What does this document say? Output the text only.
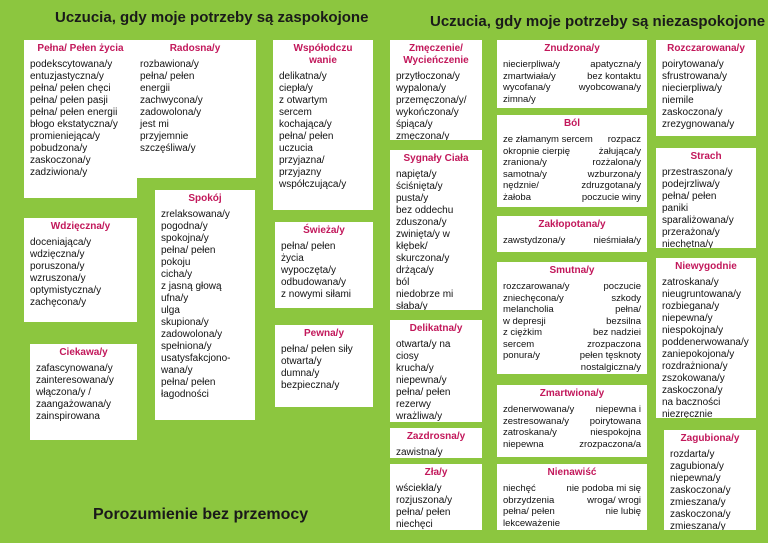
Uczucia, gdy moje potrzeby są zaspokojone	Uczucia, gdy moje potrzeby są niezaspokojone
Pełna/ Pełen życia
podekscytowana/y
entuzjastyczna/y
pełna/ pełen chęci
pełna/ pełen pasji
pełna/ pełen energii
błogo ekstatyczna/y
promieniejąca/y
pobudzona/y
zaskoczona/y
zadziwiona/y
Radosna/y
rozbawiona/y
pełna/ pełen
energii
zachwycona/y
zadowolona/y
jest mi
przyjemnie
szczęśliwa/y
Współodczu
wanie
delikatna/y
ciepła/y
z otwartym
sercem
kochająca/y
pełna/ pełen
uczucia
przyjazna/
przyjazny
współczująca/y
Spokój
zrelaksowana/y
pogodna/y
spokojna/y
pełna/ pełen
pokoju
cicha/y
z jasną głową
ufna/y
ulga
skupiona/y
zadowolona/y
spełniona/y
usatysfakcjono-
wana/y
pełna/ pełen
łagodności
Wdzięczna/y
doceniająca/y
wdzięczna/y
poruszona/y
wzruszona/y
optymistyczna/y
zachęcona/y
Świeża/y
pełna/ pełen
życia
wypoczęta/y
odbudowana/y
z nowymi siłami
Ciekawa/y
zafascynowana/y
zainteresowana/y
włączona/y /
zaangażowana/y
zainspirowana
Pewna/y
pełna/ pełen siły
otwarta/y
dumna/y
bezpieczna/y
Zmęczenie/
Wycieńczenie
przytłoczona/y
wypalona/y
przemęczona/y/
wykończona/y
śpiąca/y
zmęczona/y
Sygnały Ciała
napięta/y
ściśnięta/y
pusta/y
bez oddechu
zduszona/y
zwinięta/y w
kłębek/
skurczona/y
drżąca/y
ból
niedobrze mi
słaba/y
Delikatna/y
otwarta/y na
ciosy
krucha/y
niepewna/y
pełna/ pełen
rezerwy
wrażliwa/y
Zazdrosna/y
zawistna/y
Zła/y
wściekła/y
rozjuszona/y
pełna/ pełen
niechęci
Znudzona/y
niecierpliwa/y	apatyczna/y
zmartwiała/y	bez kontaktu
wycofana/y	wyobcowana/y
zimna/y
Ból
ze złamanym sercem rozpacz
okropnie cierpię	żałująca/y
zraniona/y	rozżalona/y
samotna/y	wzburzona/y
nędznie/	zdruzgotana/y
żałoba	poczucie winy
Zakłopotana/y
zawstydzona/y	nieśmiała/y
Smutna/y
rozczarowana/y	poczucie
zniechęcona/y	szkody
melancholia	pełna/
w depresji	bezsilna
z ciężkim	bez nadziei
sercem	zrozpaczona
ponura/y	pełen tęsknoty
nostalgiczna/y
Zmartwiona/y
zdenerwowana/y niepewna i
zestresowana/y poirytowana
zatroskana/y	niespokojna
niepewna	zrozpaczona/a
Nienawiść
niechęć	nie podoba mi się
obrzydzenia	wroga/ wrogi
pełna/ pełen	nie lubię
lekceważenie
Rozczarowana/y
poirytowana/y
sfrustrowana/y
niecierpliwa/y
niemile
zaskoczona/y
zrezygnowana/y
Strach
przestraszona/y
podejrzliwa/y
pełna/ pełen
paniki
sparaliżowana/y
przerażona/y
niechętna/y
Niewygodnie
zatroskana/y
nieugruntowana/y
rozbiegana/y
niepewna/y
niespokojna/y
poddenerwowana/y
zaniepokojona/y
rozdrażniona/y
zszokowana/y
zaskoczona/y
na baczności
niezręcznie
Zagubiona/y
rozdarta/y
zagubiona/y
niepewna/y
zaskoczona/y
zmieszana/y
zaskoczona/y
zmieszana/y
Porozumienie bez przemocy
